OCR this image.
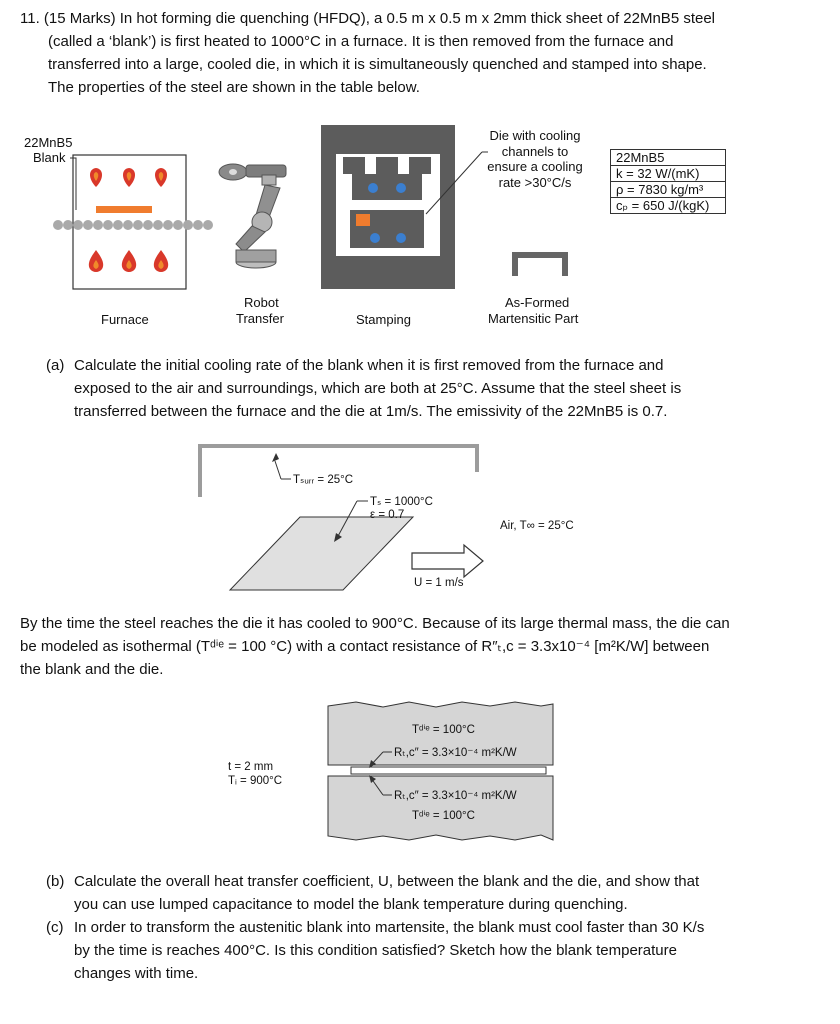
11. (15 Marks) In hot forming die quenching (HFDQ), a 0.5 m x 0.5 m x 2mm thick sheet of 22MnB5 steel
(called a ‘blank’) is first heated to 1000°C in a furnace. It is then removed from the furnace and
transferred into a large, cooled die, in which it is simultaneously quenched and stamped into shape.
The properties of the steel are shown in the table below.
22MnB5
Blank
Die with cooling
channels to
ensure a cooling
rate >30°C/s
22MnB5
k = 32 W/(mK)
ρ = 7830 kg/m³
cₚ = 650 J/(kgK)
Furnace
Robot
Transfer	Stamping
As-Formed
Martensitic Part
(a) Calculate the initial cooling rate of the blank when it is first removed from the furnace and
exposed to the air and surroundings, which are both at 25°C. Assume that the steel sheet is
transferred between the furnace and the die at 1m/s. The emissivity of the 22MnB5 is 0.7.
Tₛᵤᵣᵣ = 25°C
Tₛ = 1000°C
ε = 0.7
Air, T∞ = 25°C
U = 1 m/s
By the time the steel reaches the die it has cooled to 900°C. Because of its large thermal mass, the die can
be modeled as isothermal (Tᵈⁱᵉ = 100 °C) with a contact resistance of R″ₜ,c = 3.3x10⁻⁴ [m²K/W] between
the blank and the die.
Tᵈⁱᵉ = 100°C
Rₜ,c″ = 3.3×10⁻⁴ m²K/W
t = 2 mm
Tᵢ = 900°C
Rₜ,c″ = 3.3×10⁻⁴ m²K/W
Tᵈⁱᵉ = 100°C
(b) Calculate the overall heat transfer coefficient, U, between the blank and the die, and show that
you can use lumped capacitance to model the blank temperature during quenching.
(c) In order to transform the austenitic blank into martensite, the blank must cool faster than 30 K/s
by the time is reaches 400°C. Is this condition satisfied? Sketch how the blank temperature
changes with time.
